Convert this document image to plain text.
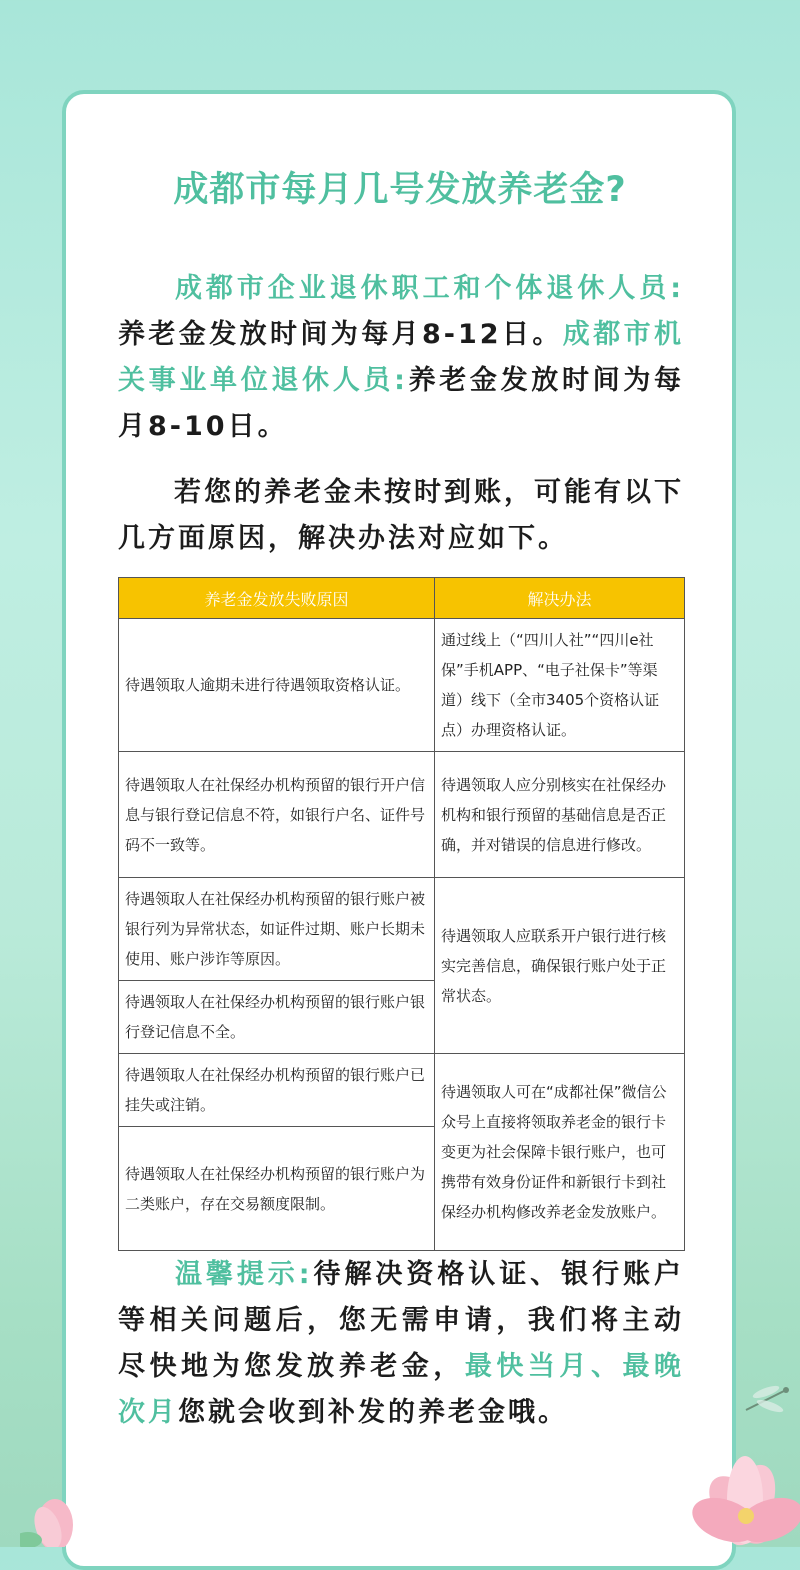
成都市每月几号发放养老金?
成都市企业退休职工和个体退休人员:养老金发放时间为每月8-12日。成都市机关事业单位退休人员:养老金发放时间为每月8-10日。
若您的养老金未按时到账，可能有以下几方面原因，解决办法对应如下。
养老金发放失败原因	解决办法
待遇领取人逾期未进行待遇领取资格认证。	通过线上（“四川人社”“四川e社保”手机APP、“电子社保卡”等渠道）线下（全市3405个资格认证点）办理资格认证。
待遇领取人在社保经办机构预留的银行开户信息与银行登记信息不符，如银行户名、证件号码不一致等。	待遇领取人应分别核实在社保经办机构和银行预留的基础信息是否正确，并对错误的信息进行修改。
待遇领取人在社保经办机构预留的银行账户被银行列为异常状态，如证件过期、账户长期未使用、账户涉诈等原因。	待遇领取人应联系开户银行进行核实完善信息，确保银行账户处于正常状态。
待遇领取人在社保经办机构预留的银行账户银行登记信息不全。	
待遇领取人在社保经办机构预留的银行账户已挂失或注销。	待遇领取人可在“成都社保”微信公众号上直接将领取养老金的银行卡变更为社会保障卡银行账户，也可携带有效身份证件和新银行卡到社保经办机构修改养老金发放账户。
待遇领取人在社保经办机构预留的银行账户为二类账户，存在交易额度限制。	
温馨提示:待解决资格认证、银行账户等相关问题后，您无需申请，我们将主动尽快地为您发放养老金，最快当月、最晚次月您就会收到补发的养老金哦。
